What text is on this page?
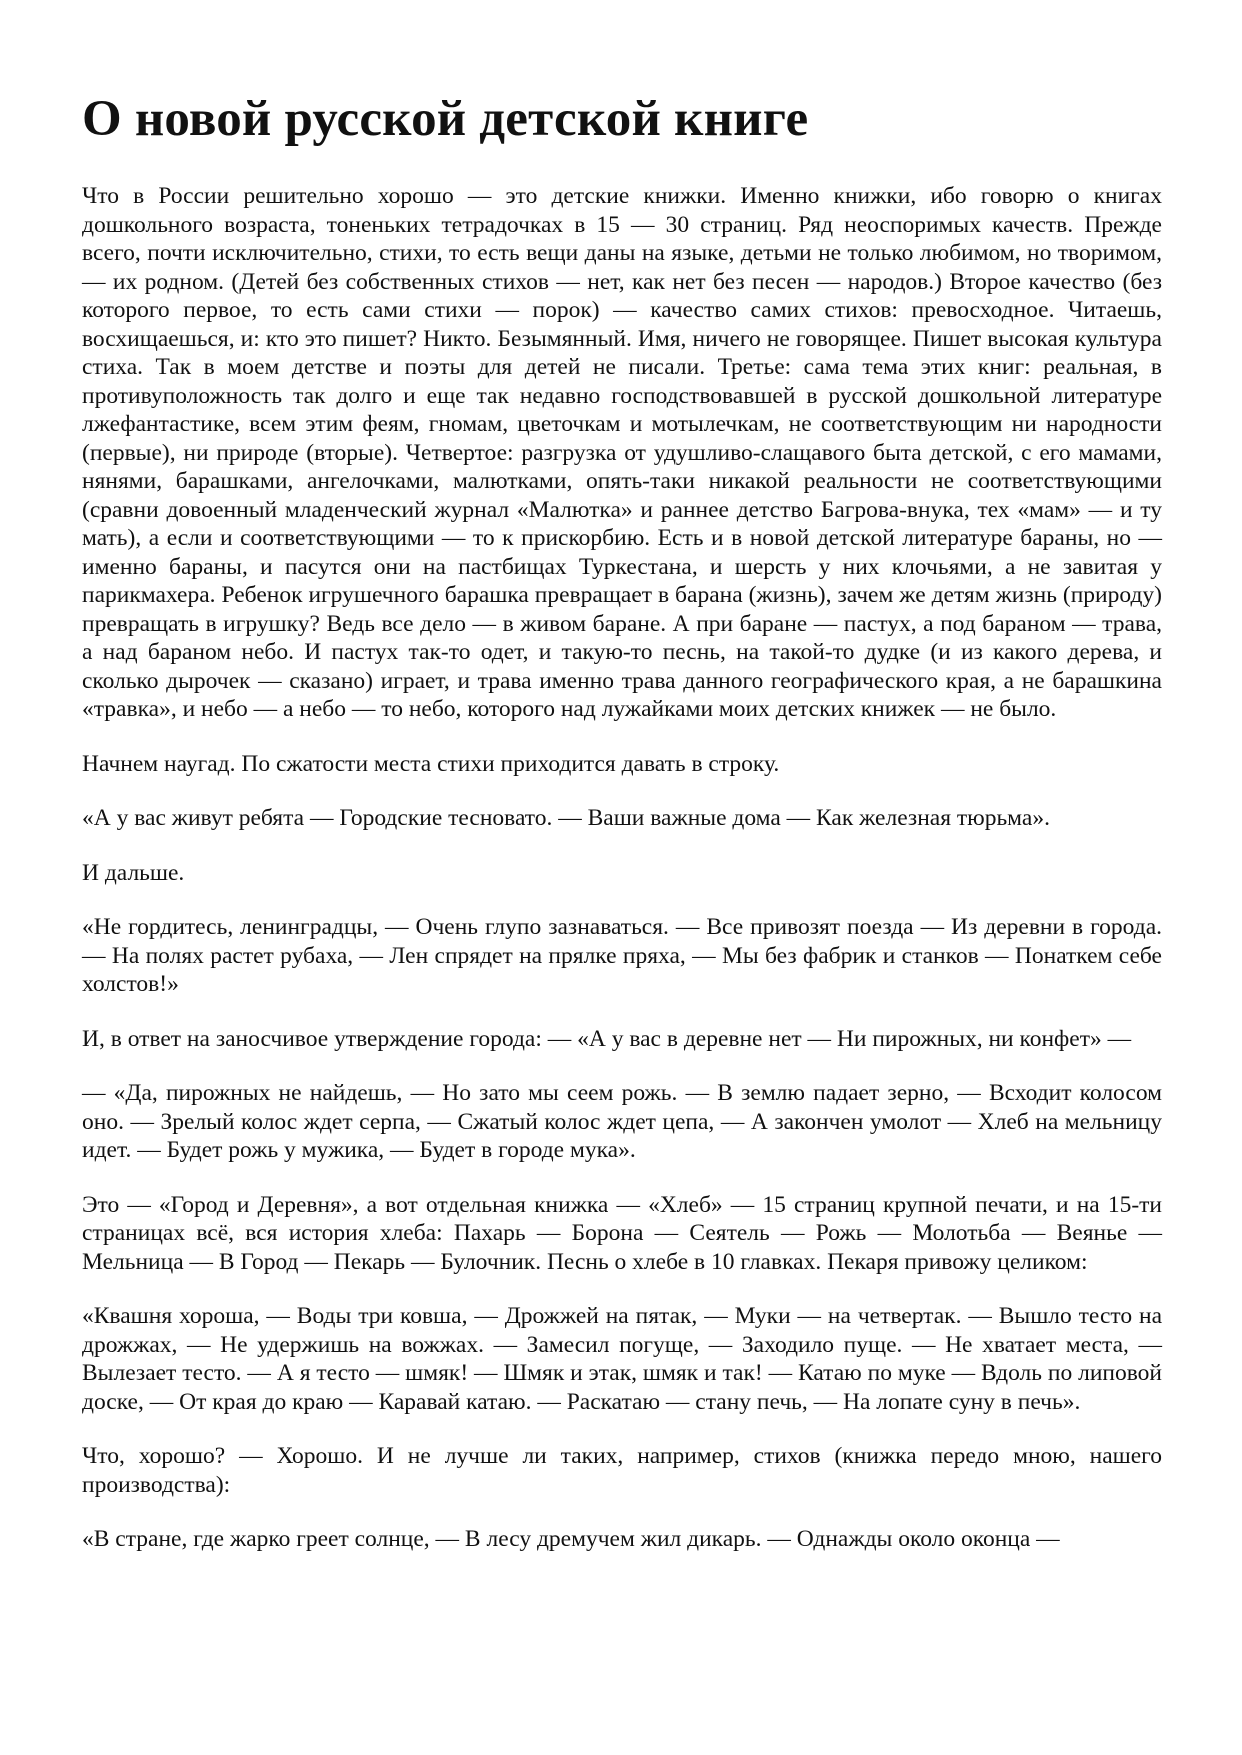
О новой русской детской книге

Что в России решительно хорошо — это детские книжки. Именно книжки, ибо говорю о книгах дошкольного возраста, тоненьких тетрадочках в 15 — 30 страниц. Ряд неоспоримых качеств. Прежде всего, почти исключительно, стихи, то есть вещи даны на языке, детьми не только любимом, но творимом, — их родном. (Детей без собственных стихов — нет, как нет без песен — народов.) Второе качество (без которого первое, то есть сами стихи — порок) — качество самих стихов: превосходное. Читаешь, восхищаешься, и: кто это пишет? Никто. Безымянный. Имя, ничего не говорящее. Пишет высокая культура стиха. Так в моем детстве и поэты для детей не писали. Третье: сама тема этих книг: реальная, в противуположность так долго и еще так недавно господствовавшей в русской дошкольной литературе лжефантастике, всем этим феям, гномам, цветочкам и мотылечкам, не соответствующим ни народности (первые), ни природе (вторые). Четвертое: разгрузка от удушливо-слащавого быта детской, с его мамами, нянями, барашками, ангелочками, малютками, опять-таки никакой реальности не соответствующими (сравни довоенный младенческий журнал «Малютка» и раннее детство Багрова-внука, тех «мам» — и ту мать), а если и соответствующими — то к прискорбию. Есть и в новой детской литературе бараны, но — именно бараны, и пасутся они на пастбищах Туркестана, и шерсть у них клочьями, а не завитая у парикмахера. Ребенок игрушечного барашка превращает в барана (жизнь), зачем же детям жизнь (природу) превращать в игрушку? Ведь все дело — в живом баране. А при баране — пастух, а под бараном — трава, а над бараном небо. И пастух так-то одет, и такую-то песнь, на такой-то дудке (и из какого дерева, и сколько дырочек — сказано) играет, и трава именно трава данного географического края, а не барашкина «травка», и небо — а небо — то небо, которого над лужайками моих детских книжек — не было.

Начнем наугад. По сжатости места стихи приходится давать в строку.

«А у вас живут ребята — Городские тесновато. — Ваши важные дома — Как железная тюрьма».

И дальше.

«Не гордитесь, ленинградцы, — Очень глупо зазнаваться. — Все привозят поезда — Из деревни в города. — На полях растет рубаха, — Лен спрядет на прялке пряха, — Мы без фабрик и станков — Понаткем себе холстов!»

И, в ответ на заносчивое утверждение города: — «А у вас в деревне нет — Ни пирожных, ни конфет» —

— «Да, пирожных не найдешь, — Но зато мы сеем рожь. — В землю падает зерно, — Всходит колосом оно. — Зрелый колос ждет серпа, — Сжатый колос ждет цепа, — А закончен умолот — Хлеб на мельницу идет. — Будет рожь у мужика, — Будет в городе мука».

Это — «Город и Деревня», а вот отдельная книжка — «Хлеб» — 15 страниц крупной печати, и на 15-ти страницах всё, вся история хлеба: Пахарь — Борона — Сеятель — Рожь — Молотьба — Веянье — Мельница — В Город — Пекарь — Булочник. Песнь о хлебе в 10 главках. Пекаря привожу целиком:

«Квашня хороша, — Воды три ковша, — Дрожжей на пятак, — Муки — на четвертак. — Вышло тесто на дрожжах, — Не удержишь на вожжах. — Замесил погуще, — Заходило пуще. — Не хватает места, — Вылезает тесто. — А я тесто — шмяк! — Шмяк и этак, шмяк и так! — Катаю по муке — Вдоль по липовой доске, — От края до краю — Каравай катаю. — Раскатаю — стану печь, — На лопате суну в печь».

Что, хорошо? — Хорошо. И не лучше ли таких, например, стихов (книжка передо мною, нашего производства):

«В стране, где жарко греет солнце, — В лесу дремучем жил дикарь. — Однажды около оконца —
